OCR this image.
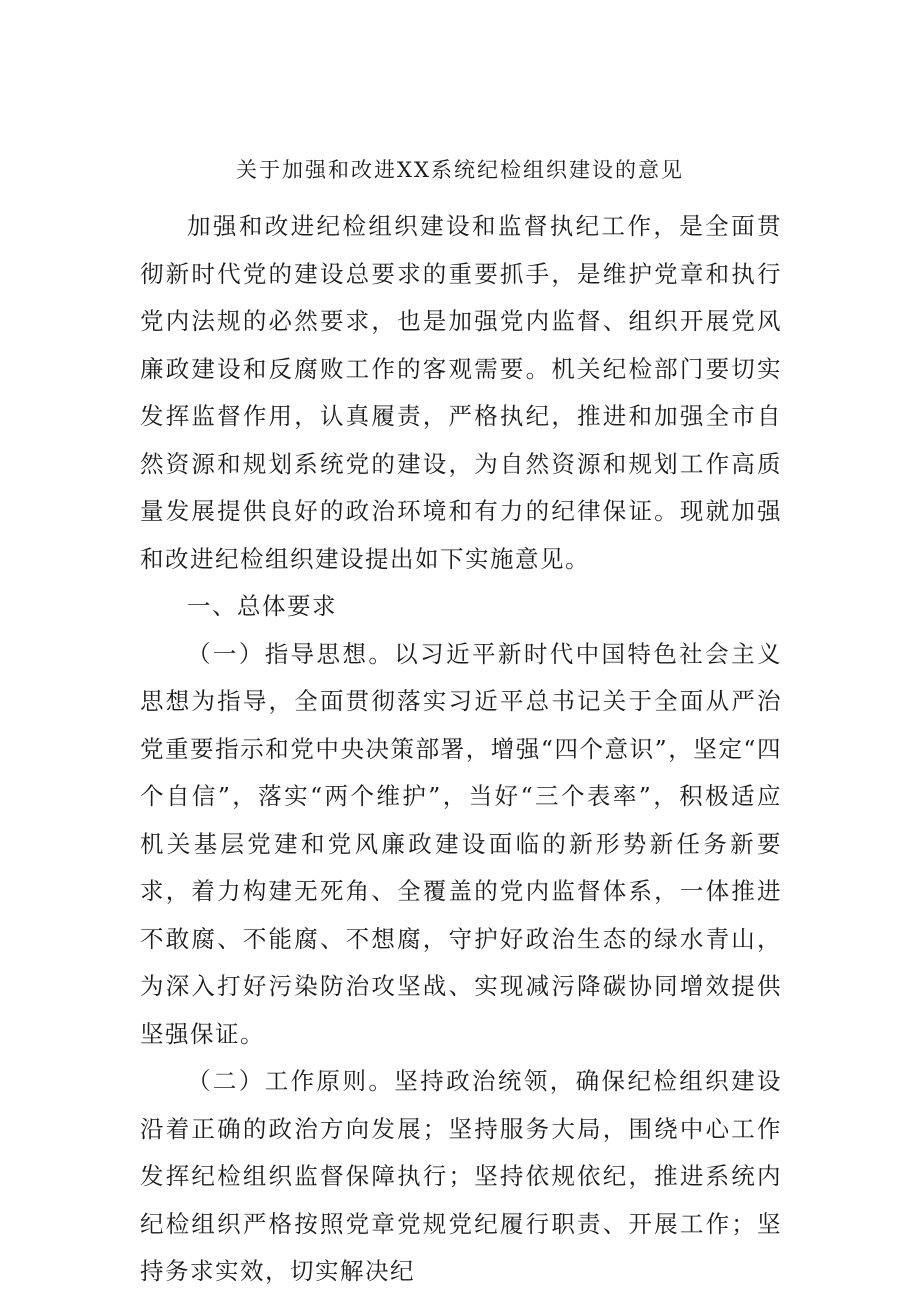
关于加强和改进XX系统纪检组织建设的意见

加强和改进纪检组织建设和监督执纪工作，是全面贯彻新时代党的建设总要求的重要抓手，是维护党章和执行党内法规的必然要求，也是加强党内监督、组织开展党风廉政建设和反腐败工作的客观需要。机关纪检部门要切实发挥监督作用，认真履责，严格执纪，推进和加强全市自然资源和规划系统党的建设，为自然资源和规划工作高质量发展提供良好的政治环境和有力的纪律保证。现就加强和改进纪检组织建设提出如下实施意见。

一、总体要求

（一）指导思想。以习近平新时代中国特色社会主义思想为指导，全面贯彻落实习近平总书记关于全面从严治党重要指示和党中央决策部署，增强“四个意识”，坚定“四个自信”，落实“两个维护”，当好“三个表率”，积极适应机关基层党建和党风廉政建设面临的新形势新任务新要求，着力构建无死角、全覆盖的党内监督体系，一体推进不敢腐、不能腐、不想腐，守护好政治生态的绿水青山，为深入打好污染防治攻坚战、实现减污降碳协同增效提供坚强保证。

（二）工作原则。坚持政治统领，确保纪检组织建设沿着正确的政治方向发展；坚持服务大局，围绕中心工作发挥纪检组织监督保障执行；坚持依规依纪，推进系统内纪检组织严格按照党章党规党纪履行职责、开展工作；坚持务求实效，切实解决纪
